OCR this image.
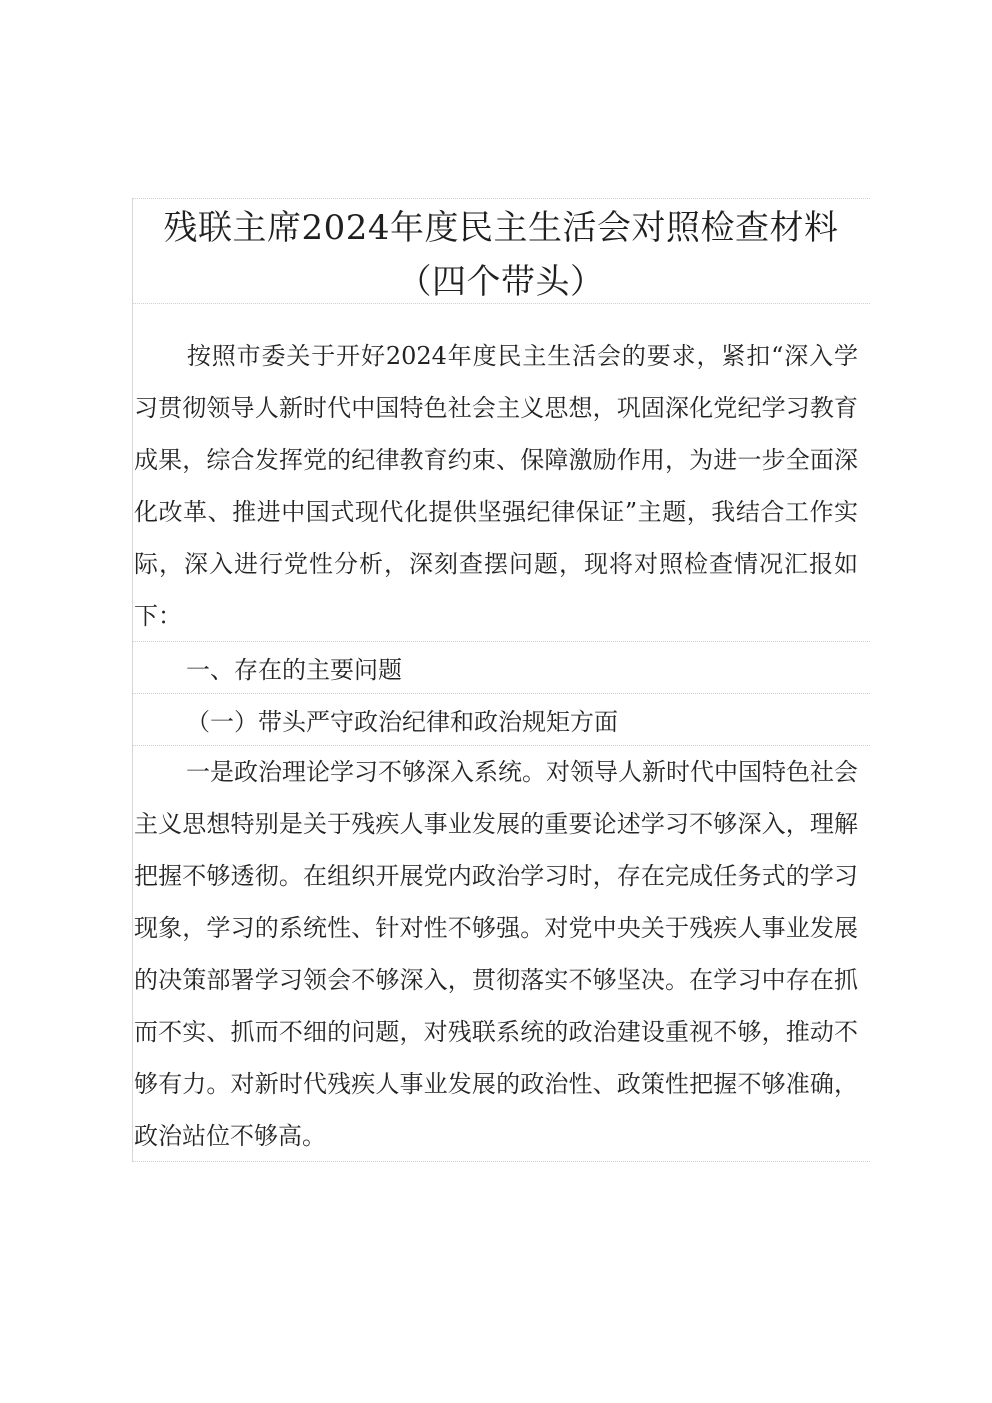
残联主席2024年度民主生活会对照检查材料
（四个带头）

按照市委关于开好2024年度民主生活会的要求，紧扣“深入学习贯彻领导人新时代中国特色社会主义思想，巩固深化党纪学习教育成果，综合发挥党的纪律教育约束、保障激励作用，为进一步全面深化改革、推进中国式现代化提供坚强纪律保证”主题，我结合工作实际，深入进行党性分析，深刻查摆问题，现将对照检查情况汇报如下：

一、存在的主要问题
（一）带头严守政治纪律和政治规矩方面

一是政治理论学习不够深入系统。对领导人新时代中国特色社会主义思想特别是关于残疾人事业发展的重要论述学习不够深入，理解把握不够透彻。在组织开展党内政治学习时，存在完成任务式的学习现象，学习的系统性、针对性不够强。对党中央关于残疾人事业发展的决策部署学习领会不够深入，贯彻落实不够坚决。在学习中存在抓而不实、抓而不细的问题，对残联系统的政治建设重视不够，推动不够有力。对新时代残疾人事业发展的政治性、政策性把握不够准确，政治站位不够高。
